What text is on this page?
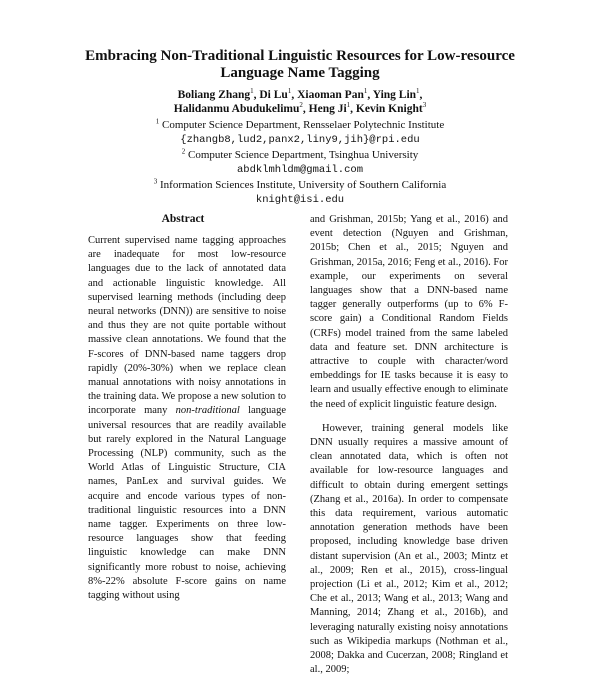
Embracing Non-Traditional Linguistic Resources for Low-resource
Language Name Tagging
Boliang Zhang$^1$, Di Lu$^1$, Xiaoman Pan$^1$, Ying Lin$^1$,
Halidanmu Abudukelimu$^2$, Heng Ji$^1$, Kevin Knight$^3$
$^1$ Computer Science Department, Rensselaer Polytechnic Institute
{zhangb8,lud2,panx2,liny9,jih}@rpi.edu
$^2$ Computer Science Department, Tsinghua University
abdklmhldm@gmail.com
$^3$ Information Sciences Institute, University of Southern California
knight@isi.edu
Abstract

Current supervised name tagging approaches are inadequate for most low-resource languages due to the lack of annotated data and actionable linguistic knowledge. All supervised learning methods (including deep neural networks (DNN)) are sensitive to noise and thus they are not quite portable without massive clean annotations. We found that the F-scores of DNN-based name taggers drop rapidly (20%-30%) when we replace clean manual annotations with noisy annotations in the training data. We propose a new solution to incorporate many non-traditional language universal resources that are readily available but rarely explored in the Natural Language Processing (NLP) community, such as the World Atlas of Linguistic Structure, CIA names, PanLex and survival guides. We acquire and encode various types of non-traditional linguistic resources into a DNN name tagger. Experiments on three low-resource languages show that feeding linguistic knowledge can make DNN significantly more robust to noise, achieving 8%-22% absolute F-score gains on name tagging without using

and Grishman, 2015b; Yang et al., 2016) and event detection (Nguyen and Grishman, 2015b; Chen et al., 2015; Nguyen and Grishman, 2015a, 2016; Feng et al., 2016). For example, our experiments on several languages show that a DNN-based name tagger generally outperforms (up to 6% F-score gain) a Conditional Random Fields (CRFs) model trained from the same labeled data and feature set. DNN architecture is attractive to couple with character/word embeddings for IE tasks because it is easy to learn and usually effective enough to eliminate the need of explicit linguistic feature design.

However, training general models like DNN usually requires a massive amount of clean annotated data, which is often not available for low-resource languages and difficult to obtain during emergent settings (Zhang et al., 2016a). In order to compensate this data requirement, various automatic annotation generation methods have been proposed, including knowledge base driven distant supervision (An et al., 2003; Mintz et al., 2009; Ren et al., 2015), cross-lingual projection (Li et al., 2012; Kim et al., 2012; Che et al., 2013; Wang et al., 2013; Wang and Manning, 2014; Zhang et al., 2016b), and leveraging naturally existing noisy annotations such as Wikipedia markups (Nothman et al., 2008; Dakka and Cucerzan, 2008; Ringland et al., 2009;
